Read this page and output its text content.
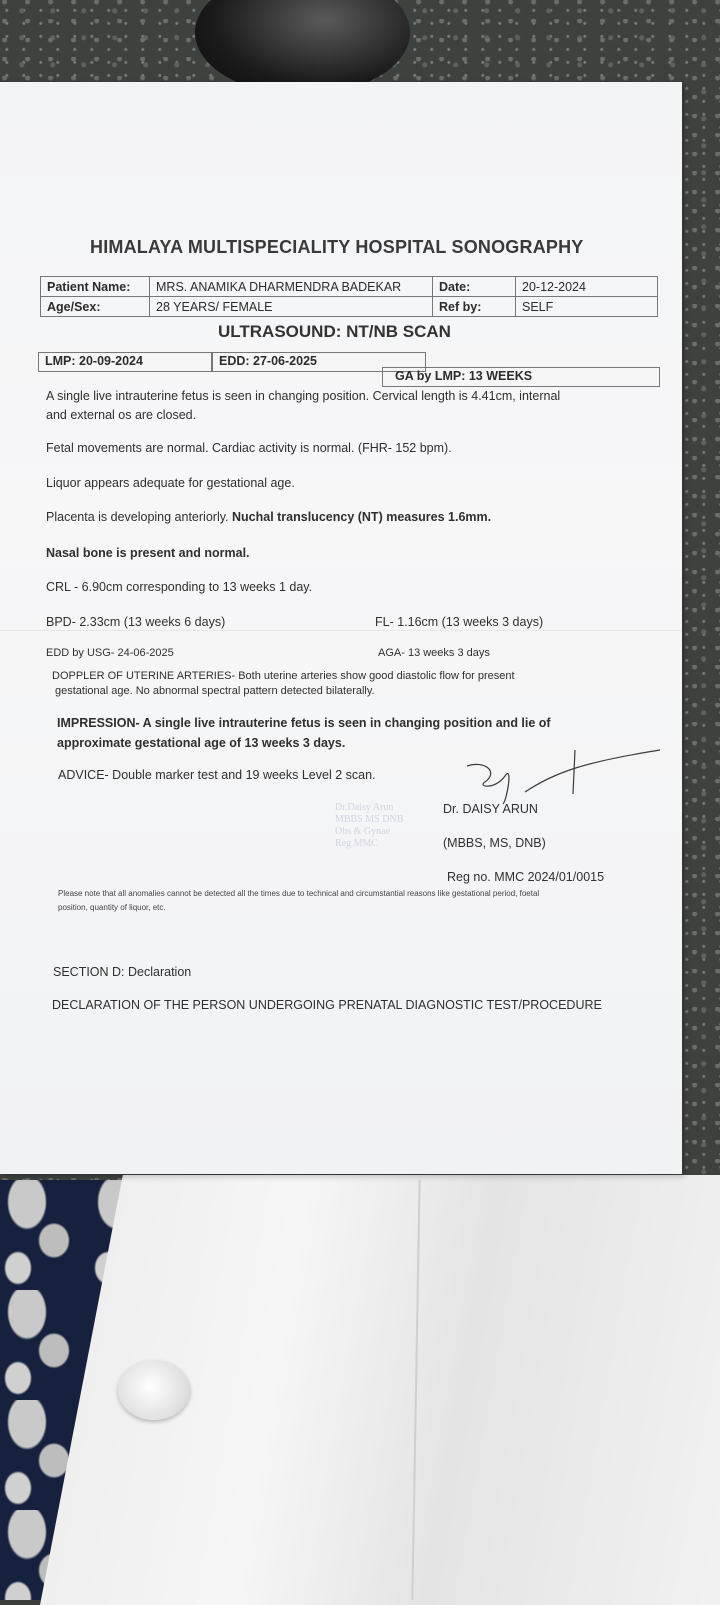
HIMALAYA MULTISPECIALITY HOSPITAL SONOGRAPHY
Patient Name:	MRS. ANAMIKA DHARMENDRA BADEKAR	Date:	20-12-2024
Age/Sex:	28 YEARS/ FEMALE	Ref by:	SELF
ULTRASOUND: NT/NB SCAN
LMP: 20-09-2024	EDD: 27-06-2025
GA by LMP: 13 WEEKS
A single live intrauterine fetus is seen in changing position. Cervical length is 4.41cm, internal
and external os are closed.
Fetal movements are normal. Cardiac activity is normal. (FHR- 152 bpm).
Liquor appears adequate for gestational age.
Placenta is developing anteriorly. Nuchal translucency (NT) measures 1.6mm.
Nasal bone is present and normal.
CRL - 6.90cm corresponding to 13 weeks 1 day.
BPD- 2.33cm (13 weeks 6 days)	FL- 1.16cm (13 weeks 3 days)
EDD by USG- 24-06-2025	AGA- 13 weeks 3 days
DOPPLER OF UTERINE ARTERIES- Both uterine arteries show good diastolic flow for present
gestational age. No abnormal spectral pattern detected bilaterally.
IMPRESSION- A single live intrauterine fetus is seen in changing position and lie of
approximate gestational age of 13 weeks 3 days.
ADVICE- Double marker test and 19 weeks Level 2 scan.
Dr.Daisy Arun
MBBS MS DNB
Obs & Gynae
Reg MMC
Dr. DAISY ARUN
(MBBS, MS, DNB)
Reg no. MMC 2024/01/0015
Please note that all anomalies cannot be detected all the times due to technical and circumstantial reasons like gestational period, foetal
position, quantity of liquor, etc.
SECTION D: Declaration
DECLARATION OF THE PERSON UNDERGOING PRENATAL DIAGNOSTIC TEST/PROCEDURE
